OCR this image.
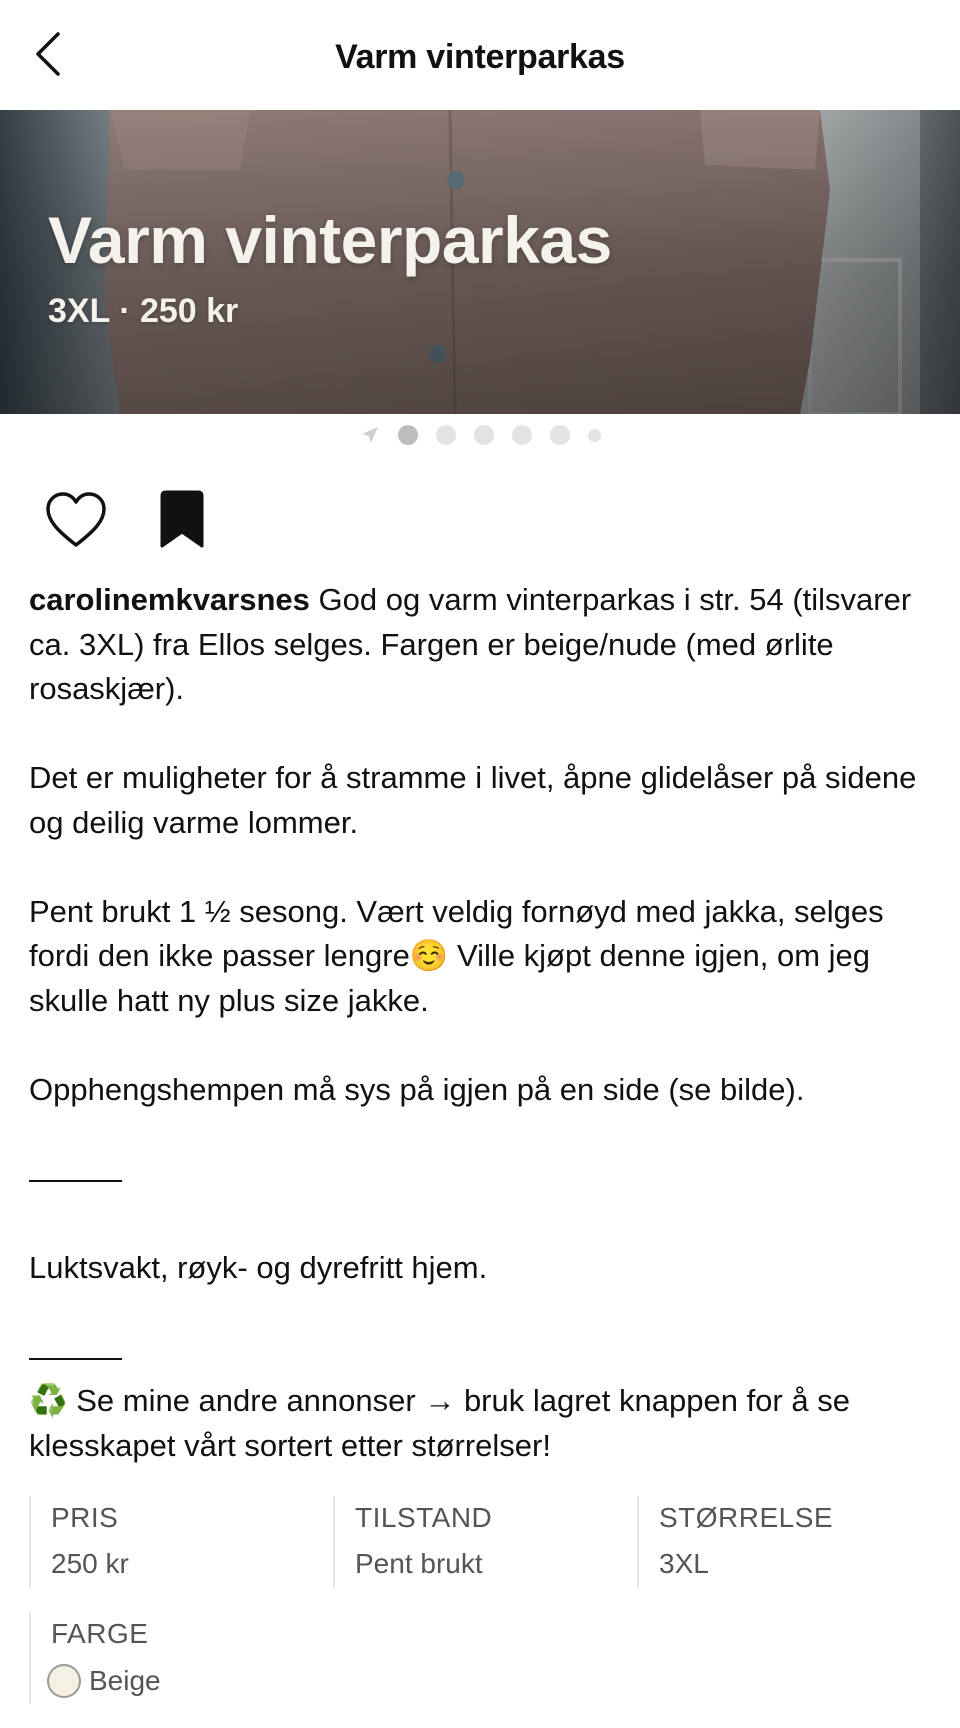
Varm vinterparkas
Varm vinterparkas
3XL · 250 kr
carolinemkvarsnes God og varm vinterparkas i str. 54 (tilsvarer ca. 3XL) fra Ellos selges. Fargen er beige/nude (med ørlite rosaskjær).

Det er muligheter for å stramme i livet, åpne glidelåser på sidene og deilig varme lommer.

Pent brukt 1 ½ sesong. Vært veldig fornøyd med jakka, selges fordi den ikke passer lengre☺️ Ville kjøpt denne igjen, om jeg skulle hatt ny plus size jakke.

Opphengshempen må sys på igjen på en side (se bilde).

———

Luktsvakt, røyk- og dyrefritt hjem.

———
♻️ Se mine andre annonser → bruk lagret knappen for å se klesskapet vårt sortert etter størrelser!
PRIS
250 kr
TILSTAND
Pent brukt
STØRRELSE
3XL
FARGE
Beige
